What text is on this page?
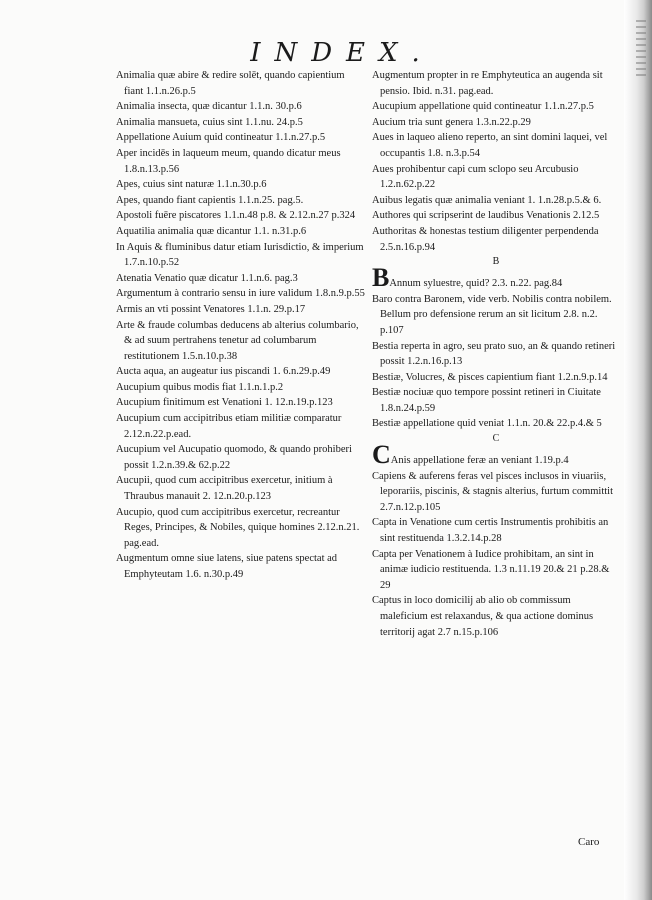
INDEX.

Animalia quæ abire & redire solēt, quando capientium fiant 1.1.n.26.p.5

Animalia insecta, quæ dicantur 1.1.n. 30.p.6

Animalia mansueta, cuius sint 1.1.nu. 24.p.5

Appellatione Auium quid contineatur 1.1.n.27.p.5

Aper incidēs in laqueum meum, quando dicatur meus 1.8.n.13.p.56

Apes, cuius sint naturæ 1.1.n.30.p.6

Apes, quando fiant capientis 1.1.n.25. pag.5.

Apostoli fuēre piscatores 1.1.n.48 p.8. & 2.12.n.27 p.324

Aquatilia animalia quæ dicantur 1.1. n.31.p.6

In Aquis & fluminibus datur etiam Iurisdictio, & imperium 1.7.n.10.p.52

Atenatia Venatio quæ dicatur 1.1.n.6. pag.3

Argumentum à contrario sensu in iure validum 1.8.n.9.p.55

Armis an vti possint Venatores 1.1.n. 29.p.17

Arte & fraude columbas deducens ab alterius columbario, & ad suum pertrahens tenetur ad columbarum restitutionem 1.5.n.10.p.38

Aucta aqua, an augeatur ius piscandi 1. 6.n.29.p.49

Aucupium quibus modis fiat 1.1.n.1.p.2

Aucupium finitimum est Venationi 1. 12.n.19.p.123

Aucupium cum accipitribus etiam militiæ comparatur 2.12.n.22.p.ead.

Aucupium vel Aucupatio quomodo, & quando prohiberi possit 1.2.n.39.& 62.p.22

Aucupii, quod cum accipitribus exercetur, initium à Thraubus manauit 2. 12.n.20.p.123

Aucupio, quod cum accipitribus exercetur, recreantur Reges, Principes, & Nobiles, quique homines 2.12.n.21. pag.ead.

Augmentum omne siue latens, siue patens spectat ad Emphyteutam 1.6. n.30.p.49

Augmentum propter in re Emphyteutica an augenda sit pensio. Ibid. n.31. pag.ead.

Aucupium appellatione quid contineatur 1.1.n.27.p.5

Aucium tria sunt genera 1.3.n.22.p.29

Aues in laqueo alieno reperto, an sint domini laquei, vel occupantis 1.8. n.3.p.54

Aues prohibentur capi cum sclopo seu Arcubusio 1.2.n.62.p.22

Auibus legatis quæ animalia veniant 1. 1.n.28.p.5.& 6.

Authores qui scripserint de laudibus Venationis 2.12.5

Authoritas & honestas testium diligenter perpendenda 2.5.n.16.p.94

B

BAnnum syluestre, quid? 2.3. n.22. pag.84

Baro contra Baronem, vide verb. Nobilis contra nobilem. Bellum pro defensione rerum an sit licitum 2.8. n.2. p.107

Bestia reperta in agro, seu prato suo, an & quando retineri possit 1.2.n.16.p.13

Bestiæ, Volucres, & pisces capientium fiant 1.2.n.9.p.14

Bestiæ nociuæ quo tempore possint retineri in Ciuitate 1.8.n.24.p.59

Bestiæ appellatione quid veniat 1.1.n. 20.& 22.p.4.& 5

C

CAnis appellatione feræ an veniant 1.19.p.4

Capiens & auferens feras vel pisces inclusos in viuariis, leporariis, piscinis, & stagnis alterius, furtum committit 2.7.n.12.p.105

Capta in Venatione cum certis Instrumentis prohibitis an sint restituenda 1.3.2.14.p.28

Capta per Venationem à Iudice prohibitam, an sint in animæ iudicio restituenda. 1.3 n.11.19 20.& 21 p.28.& 29

Captus in loco domicilij ab alio ob commissum maleficium est relaxandus, & qua actione dominus territorij agat 2.7 n.15.p.106

Caro
